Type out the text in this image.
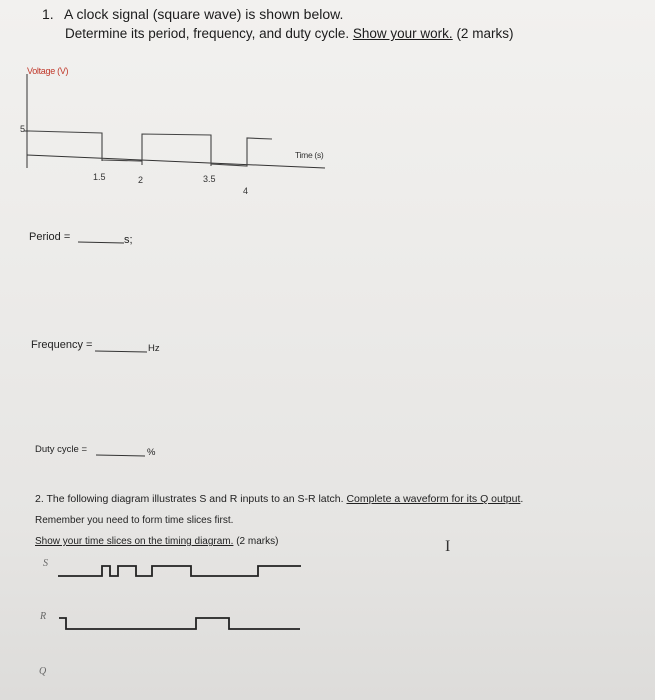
1. A clock signal (square wave) is shown below.
Determine its period, frequency, and duty cycle. Show your work. (2 marks)
Voltage (V)
5
Time (s)
1.5	2	3.5
4
Period =	s;
Frequency =	Hz
Duty cycle =	%
2. The following diagram illustrates S and R inputs to an S-R latch. Complete a waveform for its Q output.
Remember you need to form time slices first.
Show your time slices on the timing diagram. (2 marks)
S
R
Q
I
